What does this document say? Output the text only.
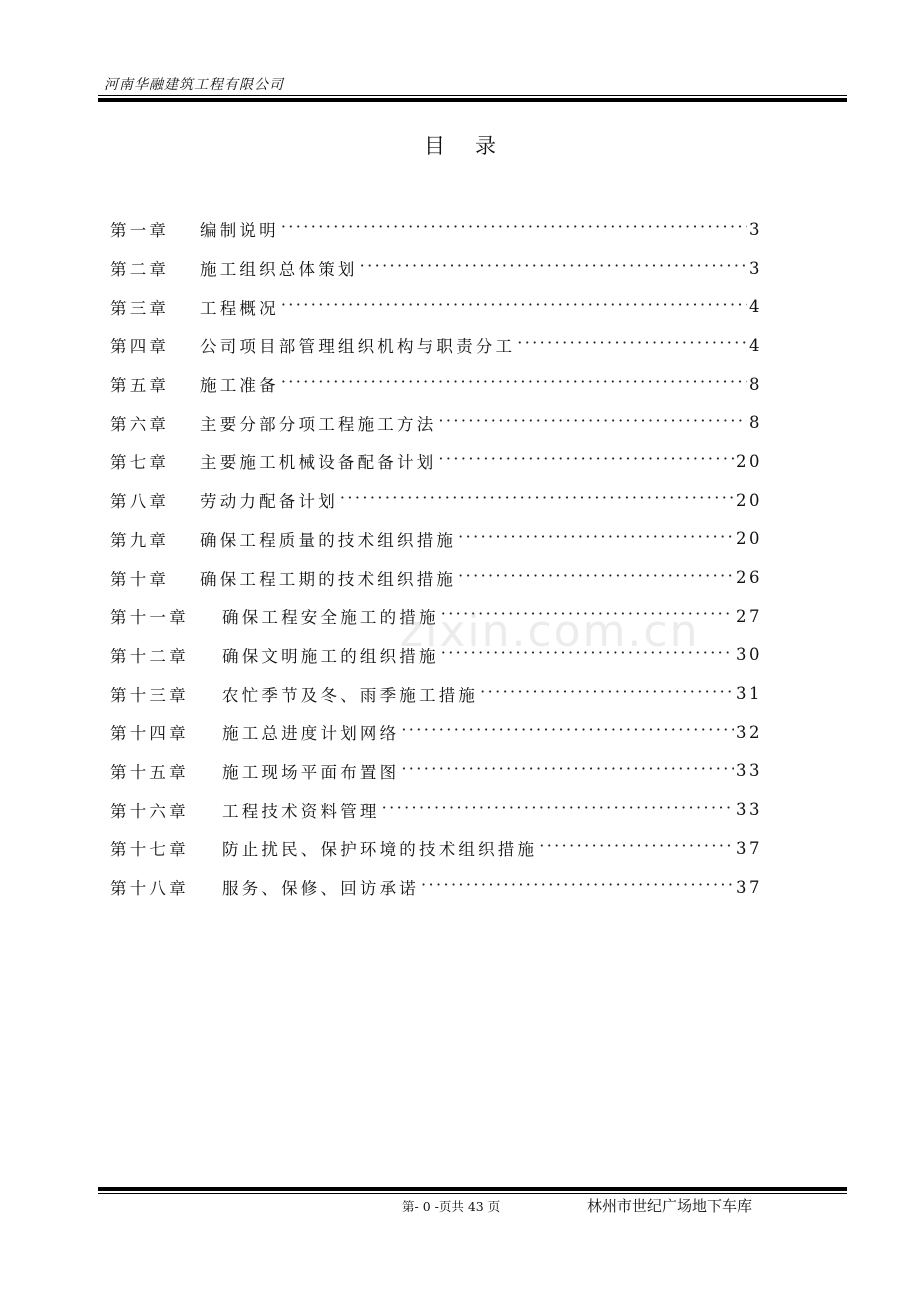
河南华融建筑工程有限公司
目录
第一章	编制说明 ·····	3
第二章	施工组织总体策划 ·····	3
第三章	工程概况 ·····	4
第四章	公司项目部管理组织机构与职责分工 ·····	4
第五章	施工准备 ·····	8
第六章	主要分部分项工程施工方法 ·····	8
第七章	主要施工机械设备配备计划 ·····	20
第八章	劳动力配备计划 ·····	20
第九章	确保工程质量的技术组织措施 ·····	20
第十章	确保工程工期的技术组织措施 ·····	26
第十一章	确保工程安全施工的措施 ·····	27
第十二章	确保文明施工的组织措施 ·····	30
第十三章	农忙季节及冬、雨季施工措施 ·····	31
第十四章	施工总进度计划网络 ·····	32
第十五章	施工现场平面布置图 ·····	33
第十六章	工程技术资料管理 ·····	33
第十七章	防止扰民、保护环境的技术组织措施 ·····	37
第十八章	服务、保修、回访承诺 ·····	37
zixin.com.cn
第- 0 -页共 43 页	林州市世纪广场地下车库
